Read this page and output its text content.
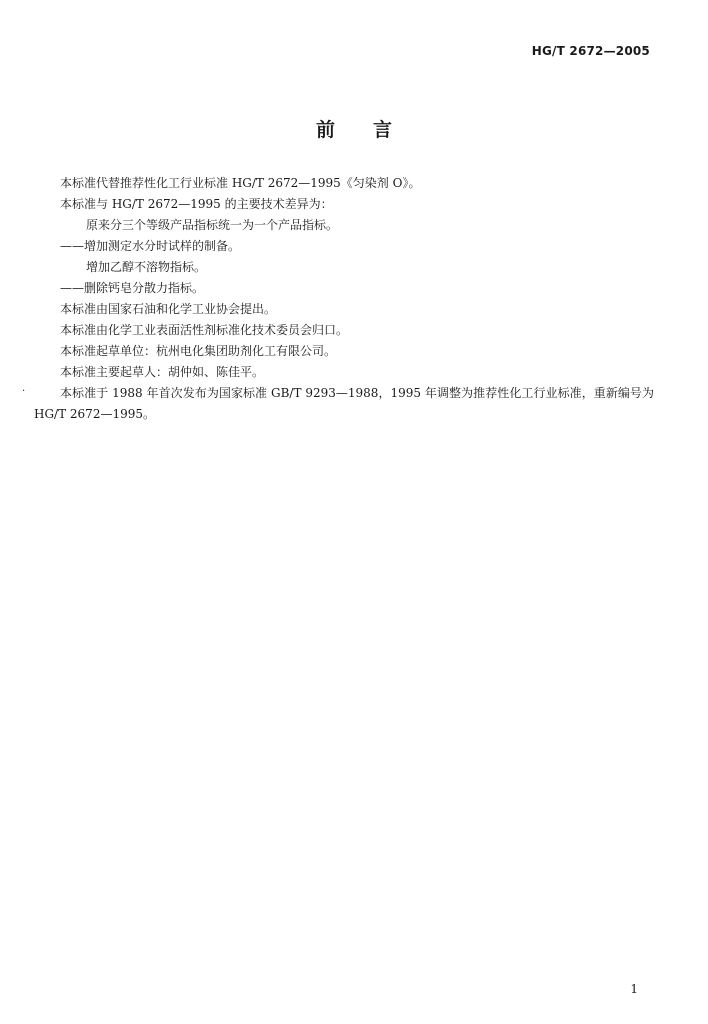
HG/T 2672—2005
前言

本标准代替推荐性化工行业标准 HG/T 2672—1995《匀染剂 O》。

本标准与 HG/T 2672—1995 的主要技术差异为：

原来分三个等级产品指标统一为一个产品指标。

——增加测定水分时试样的制备。

增加乙醇不溶物指标。

——删除钙皂分散力指标。

本标准由国家石油和化学工业协会提出。

本标准由化学工业表面活性剂标准化技术委员会归口。

本标准起草单位：杭州电化集团助剂化工有限公司。

本标准主要起草人：胡仲如、陈佳平。

本标准于 1988 年首次发布为国家标准 GB/T 9293—1988，1995 年调整为推荐性化工行业标准，重新编号为 HG/T 2672—1995。

.
1
